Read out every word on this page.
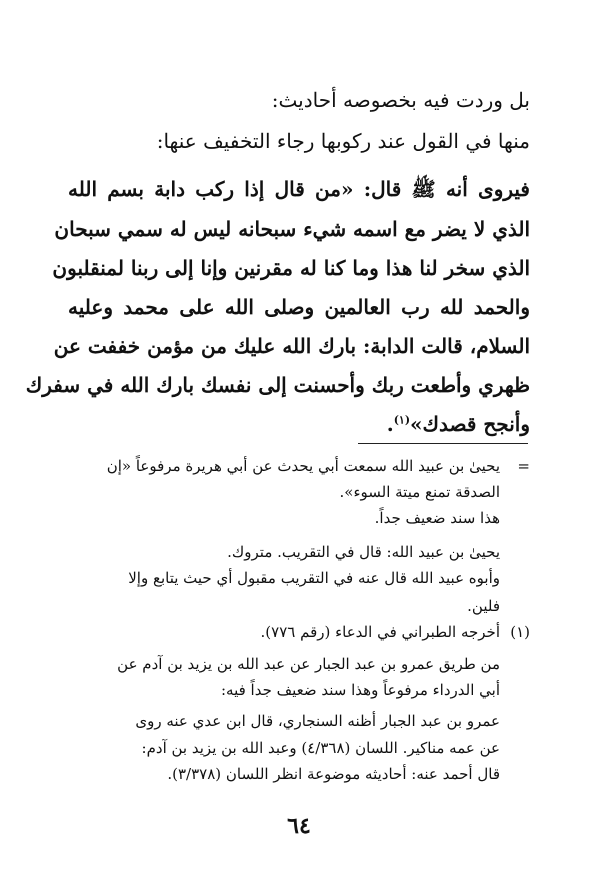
بل وردت فيه بخصوصه أحاديث:
منها في القول عند ركوبها رجاء التخفيف عنها:
فيروى أنه ﷺ قال: «من قال إذا ركب دابة بسم الله
الذي لا يضر مع اسمه شيء سبحانه ليس له سمي سبحان
الذي سخر لنا هذا وما كنا له مقرنين وإنا إلى ربنا لمنقلبون
والحمد لله رب العالمين وصلى الله على محمد وعليه
السلام، قالت الدابة: بارك الله عليك من مؤمن خففت عن
ظهري وأطعت ربك وأحسنت إلى نفسك بارك الله في سفرك
وأنجح قصدك»$^{(١)}$.
=
يحيىٰ بن عبيد الله سمعت أبي يحدث عن أبي هريرة مرفوعاً «إن
الصدقة تمنع ميتة السوء».
هذا سند ضعيف جداً.
يحيىٰ بن عبيد الله: قال في التقريب. متروك.
وأبوه عبيد الله قال عنه في التقريب مقبول أي حيث يتابع وإلا
فلين.
(١)
أخرجه الطبراني في الدعاء (رقم ٧٧٦).
من طريق عمرو بن عبد الجبار عن عبد الله بن يزيد بن آدم عن
أبي الدرداء مرفوعاً وهذا سند ضعيف جداً فيه:
عمرو بن عبد الجبار أظنه السنجاري، قال ابن عدي عنه روى
عن عمه مناكير. اللسان (٤/٣٦٨) وعبد الله بن يزيد بن آدم:
قال أحمد عنه: أحاديثه موضوعة انظر اللسان (٣/٣٧٨).
٦٤
